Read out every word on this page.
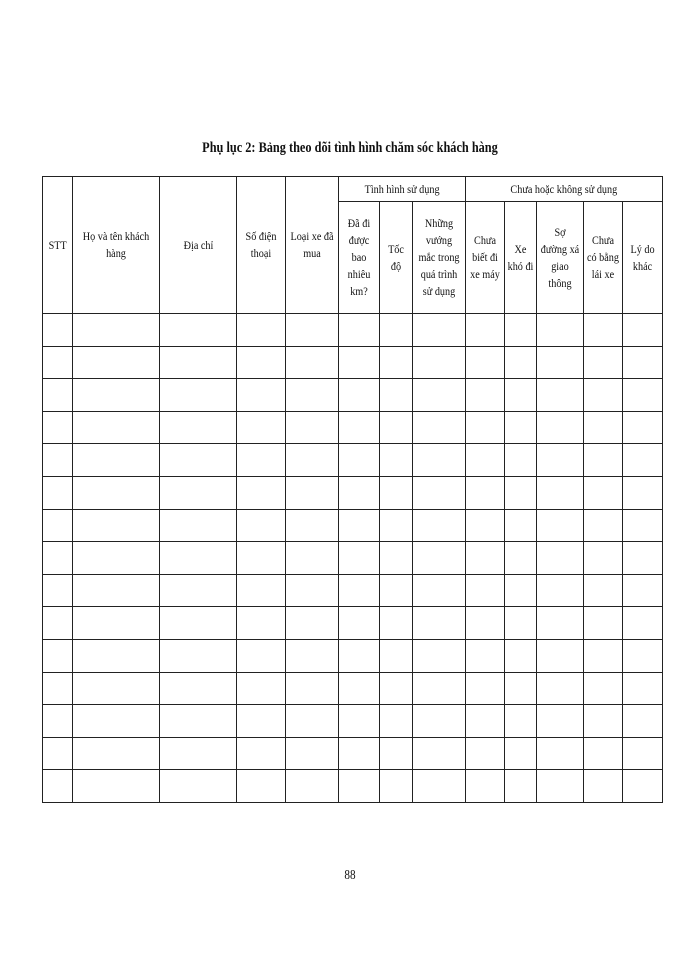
Phụ lục 2: Bảng theo dõi tình hình chăm sóc khách hàng
STT	Họ và tên khách hàng	Địa chỉ	Số điện thoại	Loại xe đã mua	Tình hình sử dụng			Chưa hoặc không sử dụng				
					Đã đi được bao nhiêu km?	Tốc độ	Những vướng mắc trong quá trình sử dụng	Chưa biết đi xe máy	Xe khó đi	Sợ đường xá giao thông	Chưa có bằng lái xe	Lý do khác

88
